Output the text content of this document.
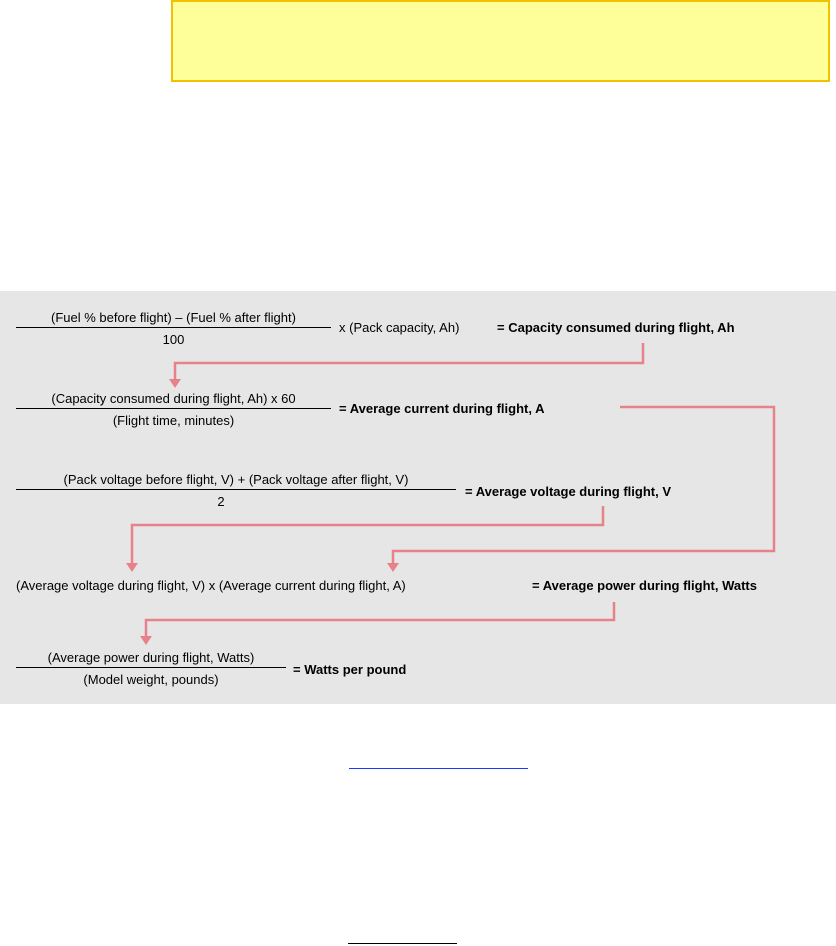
(Fuel % before flight) – (Fuel % after flight)
100
x (Pack capacity, Ah)	= Capacity consumed during flight, Ah
(Capacity consumed during flight, Ah) x 60
(Flight time, minutes)
= Average current during flight, A
(Pack voltage before flight, V) + (Pack voltage after flight, V)
2
= Average voltage during flight, V
(Average voltage during flight, V) x (Average current during flight, A)	= Average power during flight, Watts
(Average power during flight, Watts)
(Model weight, pounds)
= Watts per pound
